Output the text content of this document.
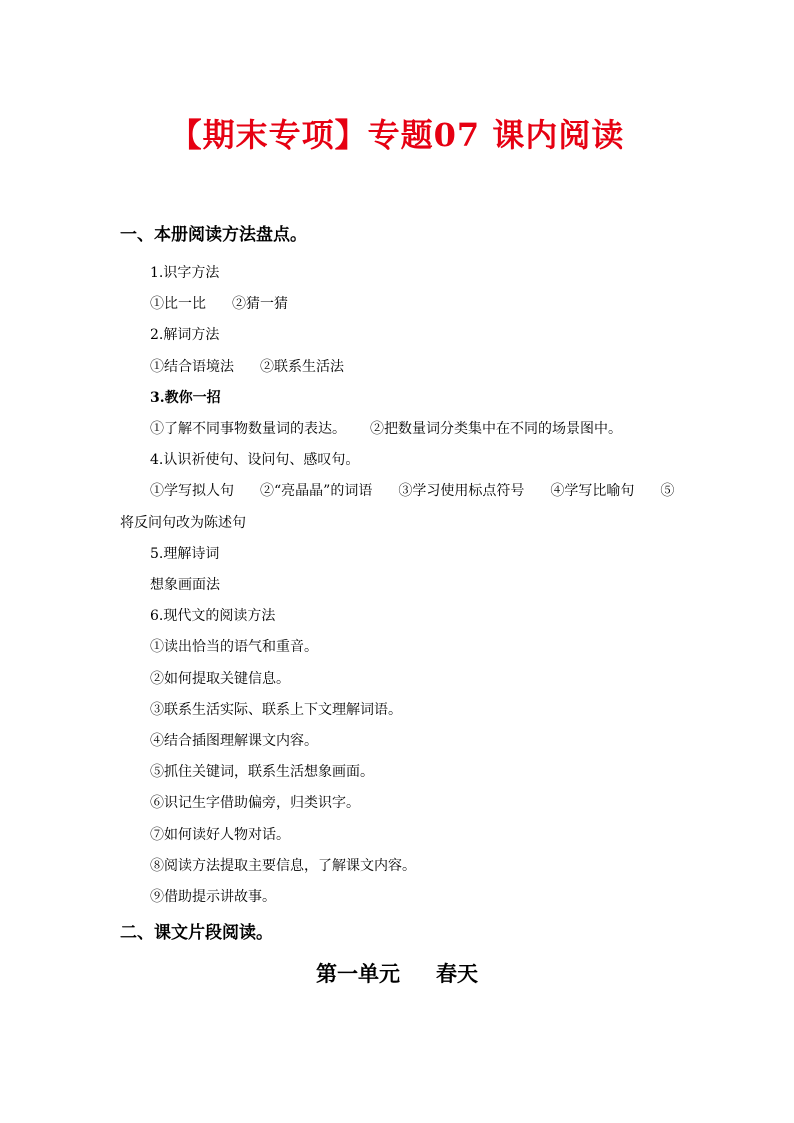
【期末专项】专题07 课内阅读
一、本册阅读方法盘点。
1.识字方法
①比一比 ②猜一猜
2.解词方法
①结合语境法 ②联系生活法
3.教你一招
①了解不同事物数量词的表达。 ②把数量词分类集中在不同的场景图中。
4.认识祈使句、设问句、感叹句。
①学写拟人句 ②“亮晶晶”的词语 ③学习使用标点符号 ④学写比喻句 ⑤将反问句改为陈述句
5.理解诗词
想象画面法
6.现代文的阅读方法
①读出恰当的语气和重音。
②如何提取关键信息。
③联系生活实际、联系上下文理解词语。
④结合插图理解课文内容。
⑤抓住关键词，联系生活想象画面。
⑥识记生字借助偏旁，归类识字。
⑦如何读好人物对话。
⑧阅读方法提取主要信息，了解课文内容。
⑨借助提示讲故事。
二、课文片段阅读。
第一单元 春天
